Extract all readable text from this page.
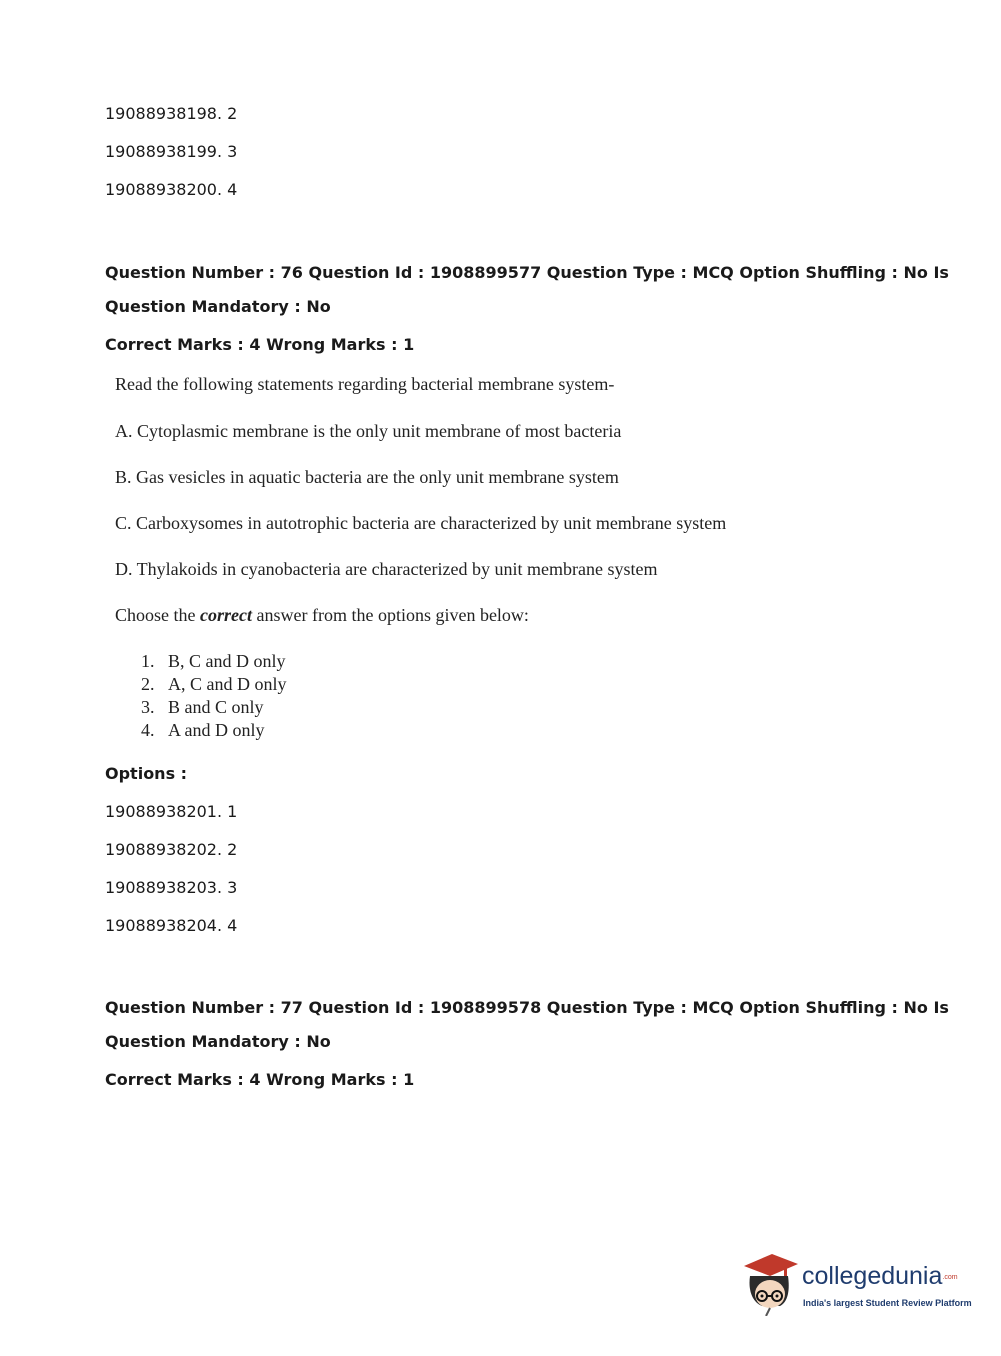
19088938198. 2
19088938199. 3
19088938200. 4
Question Number : 76 Question Id : 1908899577 Question Type : MCQ Option Shuffling : No Is
Question Mandatory : No
Correct Marks : 4 Wrong Marks : 1
Read the following statements regarding bacterial membrane system-
A. Cytoplasmic membrane is the only unit membrane of most bacteria
B. Gas vesicles in aquatic bacteria are the only unit membrane system
C. Carboxysomes in autotrophic bacteria are characterized by unit membrane system
D. Thylakoids in cyanobacteria are characterized by unit membrane system
Choose the correct answer from the options given below:
1. B, C and D only
2. A, C and D only
3. B and C only
4. A and D only
Options :
19088938201. 1
19088938202. 2
19088938203. 3
19088938204. 4
Question Number : 77 Question Id : 1908899578 Question Type : MCQ Option Shuffling : No Is
Question Mandatory : No
Correct Marks : 4 Wrong Marks : 1
collegedunia.com
India's largest Student Review Platform
